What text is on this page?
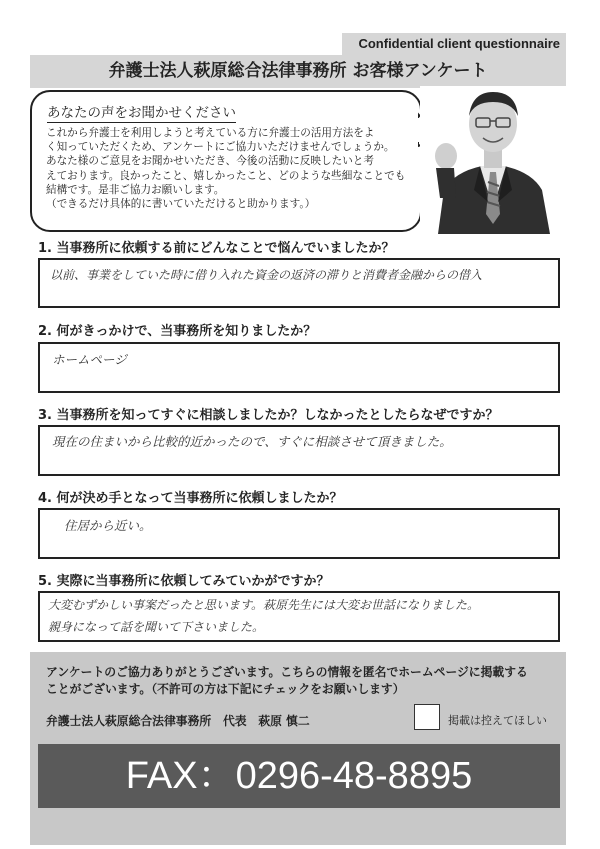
Confidential client questionnaire
弁護士法人萩原総合法律事務所 お客様アンケート
あなたの声をお聞かせください
これから弁護士を利用しようと考えている方に弁護士の活用方法をよ
く知っていただくため、アンケートにご協力いただけませんでしょうか。
あなた様のご意見をお聞かせいただき、今後の活動に反映したいと考
えております。良かったこと、嬉しかったこと、どのような些細なことでも
結構です。是非ご協力お願いします。
（できるだけ具体的に書いていただけると助かります。）
1. 当事務所に依頼する前にどんなことで悩んでいましたか？
以前、事業をしていた時に借り入れた資金の返済の滞りと消費者金融からの借入
2. 何がきっかけで、当事務所を知りましたか？
ホームページ
3. 当事務所を知ってすぐに相談しましたか？しなかったとしたらなぜですか？
現在の住まいから比較的近かったので、すぐに相談させて頂きました。
4. 何が決め手となって当事務所に依頼しましたか？
住居から近い。
5. 実際に当事務所に依頼してみていかがですか？
大変むずかしい事案だったと思います。萩原先生には大変お世話になりました。
親身になって話を聞いて下さいました。
アンケートのご協力ありがとうございます。こちらの情報を匿名でホームページに掲載する
ことがございます。（不許可の方は下記にチェックをお願いします）
弁護士法人萩原総合法律事務所　代表　萩原 慎二	掲載は控えてほしい
FAX：0296-48-8895
